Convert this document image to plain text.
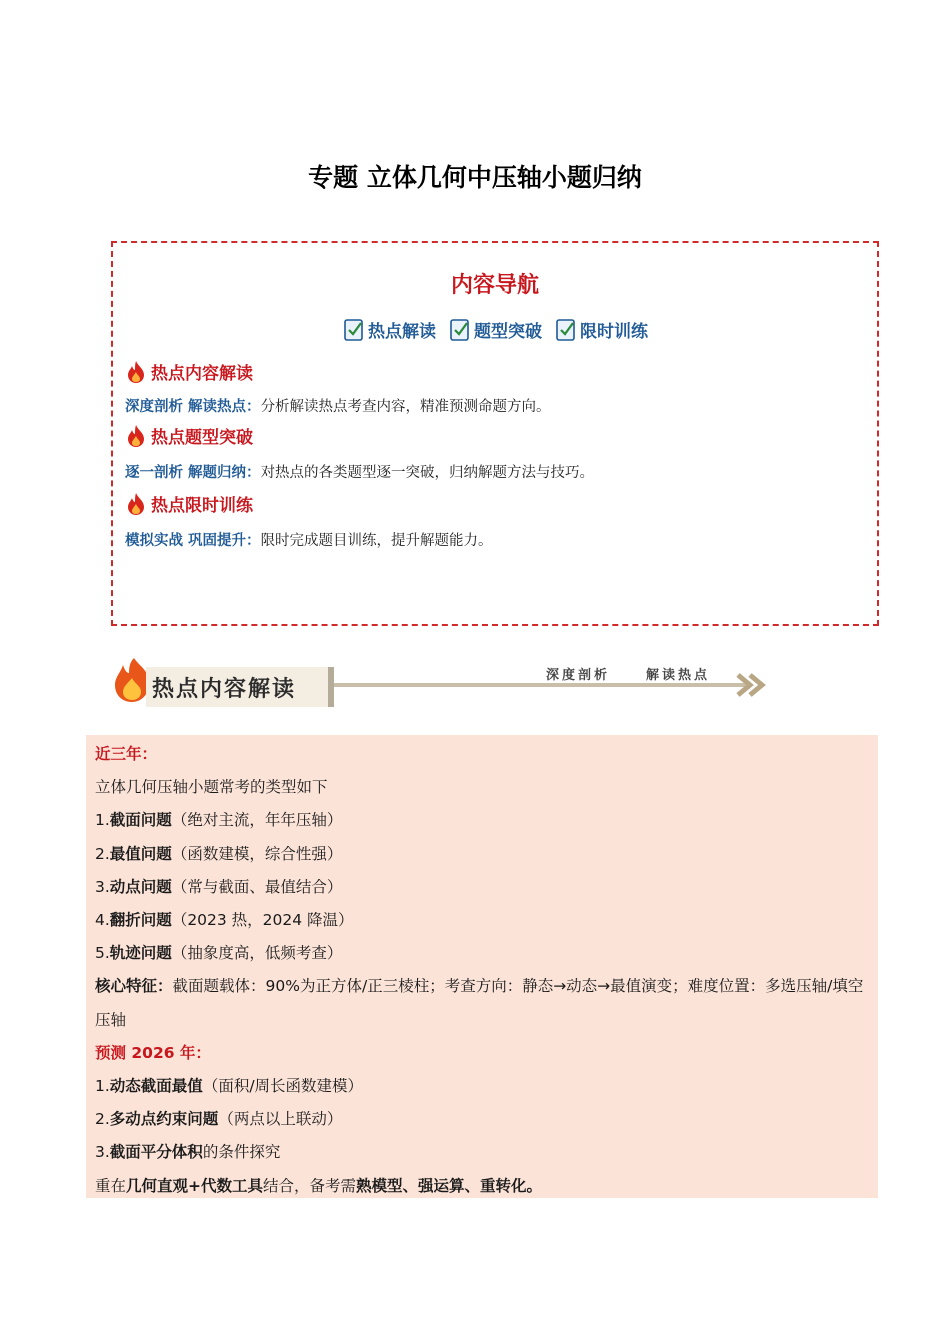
专题 立体几何中压轴小题归纳
内容导航
热点解读 题型突破 限时训练
热点内容解读
深度剖析 解读热点： 分析解读热点考查内容，精准预测命题方向。
热点题型突破
逐一剖析 解题归纳： 对热点的各类题型逐一突破，归纳解题方法与技巧。
热点限时训练
模拟实战 巩固提升： 限时完成题目训练，提升解题能力。
热点内容解读
深度剖析	解读热点
近三年：
立体几何压轴小题常考的类型如下
1.截面问题（绝对主流，年年压轴）
2.最值问题（函数建模，综合性强）
3.动点问题（常与截面、最值结合）
4.翻折问题（2023 热，2024 降温）
5.轨迹问题（抽象度高，低频考查）
核心特征：截面题载体：90%为正方体/正三棱柱；考查方向：静态→动态→最值演变；难度位置：多选压轴/填空压轴
预测 2026 年：
1.动态截面最值（面积/周长函数建模）
2.多动点约束问题（两点以上联动）
3.截面平分体积的条件探究
重在几何直观+代数工具结合，备考需熟模型、强运算、重转化。
